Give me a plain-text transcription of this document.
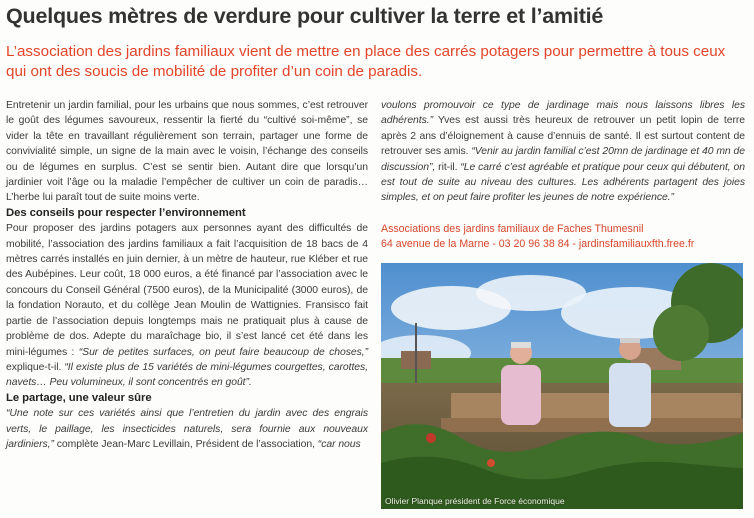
Quelques mètres de verdure pour cultiver la terre et l’amitié

L’association des jardins familiaux vient de mettre en place des carrés potagers pour permettre à tous ceux qui ont des soucis de mobilité de profiter d’un coin de paradis.

Entretenir un jardin familial, pour les urbains que nous sommes, c’est retrouver le goût des légumes savoureux, ressentir la fierté du “cultivé soi-même”, se vider la tête en travaillant régulièrement son terrain, partager une forme de convivialité simple, un signe de la main avec le voisin, l’échange des conseils ou de légumes en surplus. C’est se sentir bien. Autant dire que lorsqu’un jardinier voit l’âge ou la maladie l’empêcher de cultiver un coin de paradis… L’herbe lui paraît tout de suite moins verte.

Des conseils pour respecter l’environnement

Pour proposer des jardins potagers aux personnes ayant des difficultés de mobilité, l’association des jardins familiaux a fait l’acquisition de 18 bacs de 4 mètres carrés installés en juin dernier, à un mètre de hauteur, rue Kléber et rue des Aubépines. Leur coût, 18 000 euros, a été financé par l’association avec le concours du Conseil Général (7500 euros), de la Municipalité (3000 euros), de la fondation Norauto, et du collège Jean Moulin de Wattignies. Fransisco fait partie de l’association depuis longtemps mais ne pratiquait plus à cause de problème de dos. Adepte du maraîchage bio, il s’est lancé cet été dans les mini-légumes : “Sur de petites surfaces, on peut faire beaucoup de choses,” explique-t-il. “Il existe plus de 15 variétés de mini-légumes courgettes, carottes, navets… Peu volumineux, il sont concentrés en goût”.

Le partage, une valeur sûre

“Une note sur ces variétés ainsi que l’entretien du jardin avec des engrais verts, le paillage, les insecticides naturels, sera fournie aux nouveaux jardiniers,” complète Jean-Marc Levillain, Président de l’association, “car nous

voulons promouvoir ce type de jardinage mais nous laissons libres les adhérents.” Yves est aussi très heureux de retrouver un petit lopin de terre après 2 ans d’éloignement à cause d’ennuis de santé. Il est surtout content de retrouver ses amis. “Venir au jardin familial c’est 20mn de jardinage et 40 mn de discussion”, rit-il. “Le carré c’est agréable et pratique pour ceux qui débutent, on est tout de suite au niveau des cultures. Les adhérents partagent des joies simples, et on peut faire profiter les jeunes de notre expérience.”

Associations des jardins familiaux de Faches Thumesnil
64 avenue de la Marne - 03 20 96 38 84 - jardinsfamiliauxfth.free.fr
Olivier Planque président de Force économique
